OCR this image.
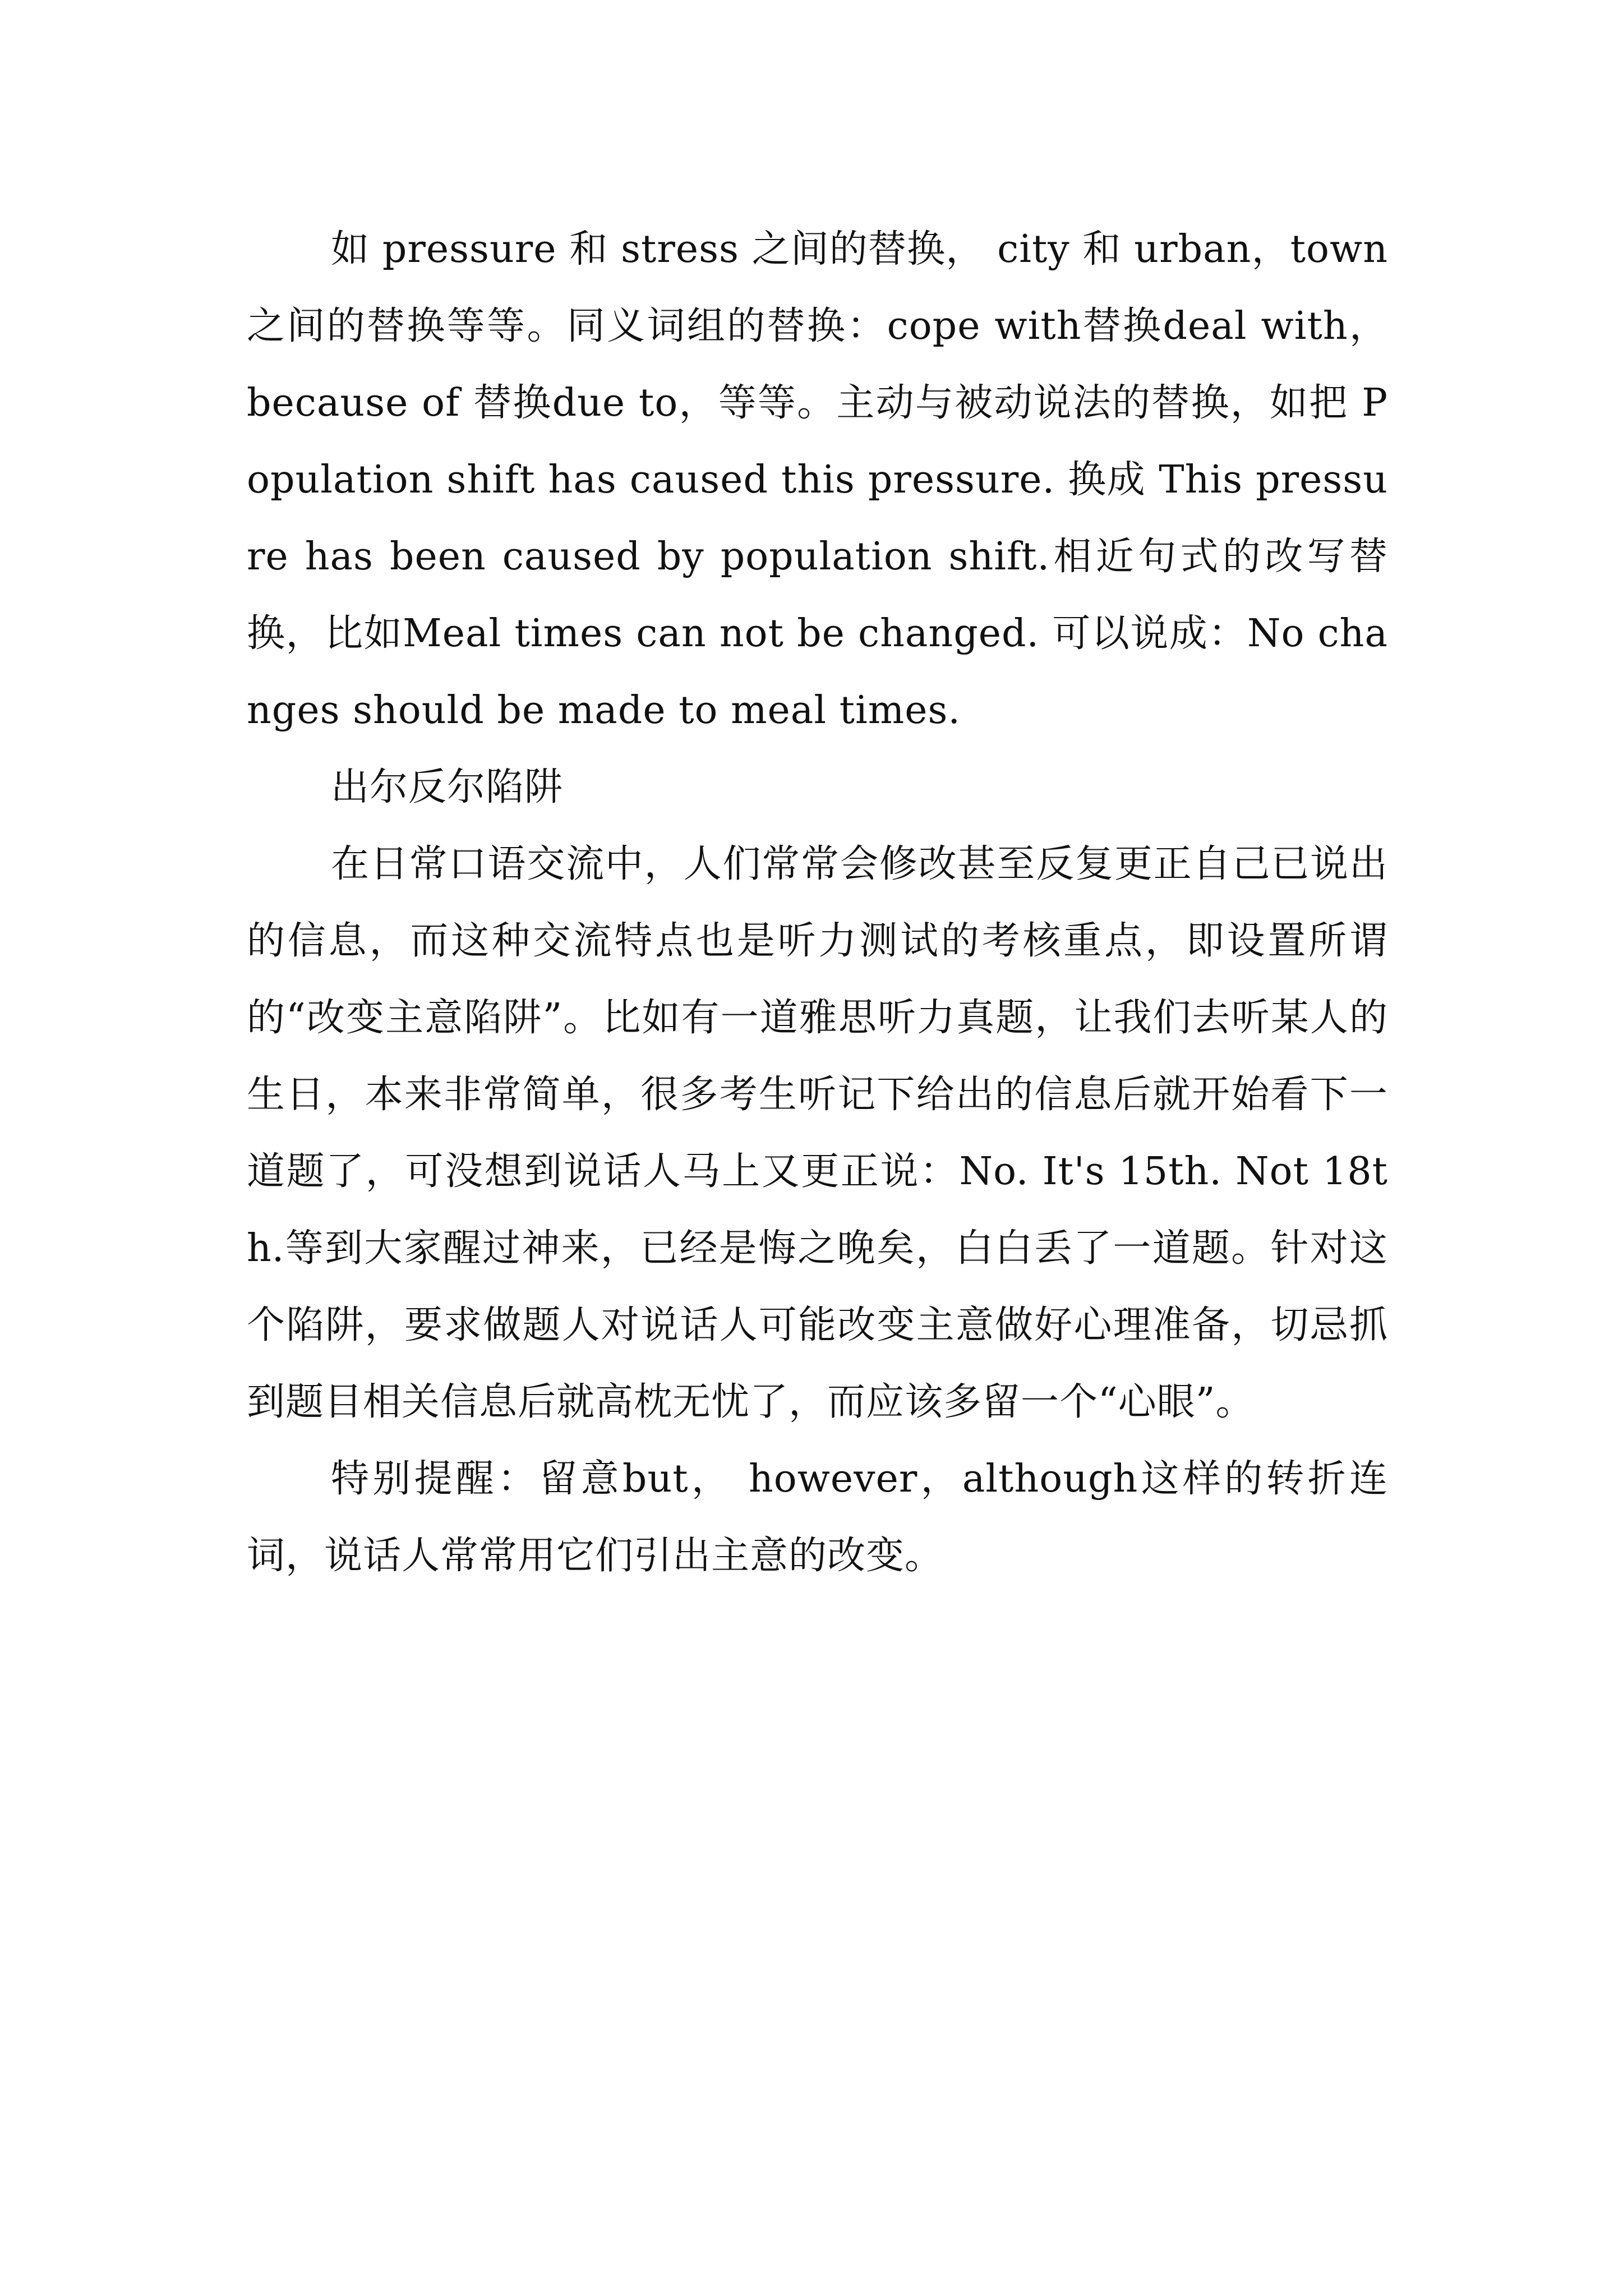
如 pressure 和 stress 之间的替换， city 和 urban，town之间的替换等等。同义词组的替换：cope with替换deal with， because of 替换due to，等等。主动与被动说法的替换，如把 Population shift has caused this pressure. 换成 This pressure has been caused by population shift.相近句式的改写替换，比如Meal times can not be changed. 可以说成：No changes should be made to meal times.

出尔反尔陷阱

在日常口语交流中，人们常常会修改甚至反复更正自己已说出的信息，而这种交流特点也是听力测试的考核重点，即设置所谓的“改变主意陷阱”。比如有一道雅思听力真题，让我们去听某人的生日，本来非常简单，很多考生听记下给出的信息后就开始看下一道题了，可没想到说话人马上又更正说：No. It's 15th. Not 18th.等到大家醒过神来，已经是悔之晚矣，白白丢了一道题。针对这个陷阱，要求做题人对说话人可能改变主意做好心理准备，切忌抓到题目相关信息后就高枕无忧了，而应该多留一个“心眼”。

特别提醒：留意but， however，although这样的转折连词，说话人常常用它们引出主意的改变。
